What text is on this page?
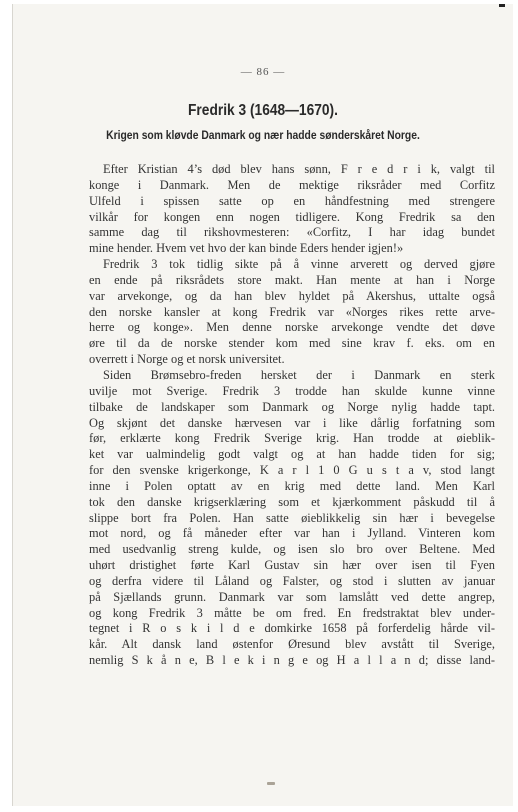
— 86 —
Fredrik 3 (1648—1670).
Krigen som kløvde Danmark og nær hadde sønderskåret Norge.
Efter Kristian 4’s død blev hans sønn, F r e d r i k, valgt til
konge i Danmark. Men de mektige riksråder med Corfitz
Ulfeld i spissen satte op en håndfestning med strengere
vilkår for kongen enn nogen tidligere. Kong Fredrik sa den
samme dag til rikshovmesteren: «Corfitz, I har idag bundet
mine hender. Hvem vet hvo der kan binde Eders hender igjen!»
Fredrik 3 tok tidlig sikte på å vinne arverett og derved gjøre
en ende på riksrådets store makt. Han mente at han i Norge
var arvekonge, og da han blev hyldet på Akershus, uttalte også
den norske kansler at kong Fredrik var «Norges rikes rette arve-
herre og konge». Men denne norske arvekonge vendte det døve
øre til da de norske stender kom med sine krav f. eks. om en
overrett i Norge og et norsk universitet.
Siden Brømsebro-freden hersket der i Danmark en sterk
uvilje mot Sverige. Fredrik 3 trodde han skulde kunne vinne
tilbake de landskaper som Danmark og Norge nylig hadde tapt.
Og skjønt det danske hærvesen var i like dårlig forfatning som
før, erklærte kong Fredrik Sverige krig. Han trodde at øieblik-
ket var ualmindelig godt valgt og at han hadde tiden for sig;
for den svenske krigerkonge, K a r l 1 0 G u s t a v, stod langt
inne i Polen optatt av en krig med dette land. Men Karl
tok den danske krigserklæring som et kjærkomment påskudd til å
slippe bort fra Polen. Han satte øieblikkelig sin hær i bevegelse
mot nord, og få måneder efter var han i Jylland. Vinteren kom
med usedvanlig streng kulde, og isen slo bro over Beltene. Med
uhørt dristighet førte Karl Gustav sin hær over isen til Fyen
og derfra videre til Låland og Falster, og stod i slutten av januar
på Sjællands grunn. Danmark var som lamslått ved dette angrep,
og kong Fredrik 3 måtte be om fred. En fredstraktat blev under-
tegnet i R o s k i l d e domkirke 1658 på forferdelig hårde vil-
kår. Alt dansk land østenfor Øresund blev avstått til Sverige,
nemlig S k å n e, B l e k i n g e og H a l l a n d; disse land-
